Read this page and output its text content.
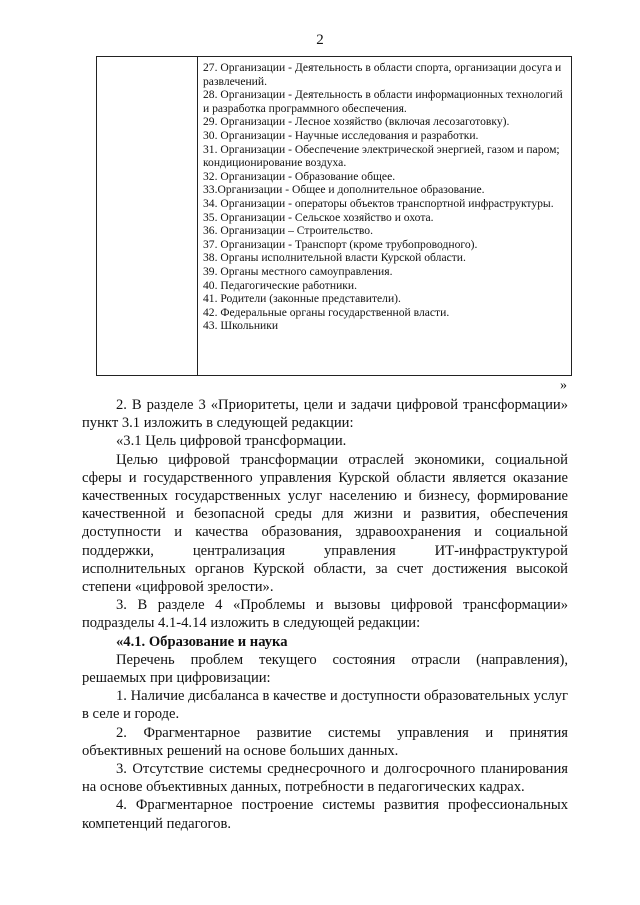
2
27. Организации - Деятельность в области спорта, организации досуга и развлечений.
28. Организации - Деятельность в области информационных технологий и разработка программного обеспечения.
29. Организации - Лесное хозяйство (включая лесозаготовку).
30. Организации - Научные исследования и разработки.
31. Организации - Обеспечение электрической энергией, газом и паром; кондиционирование воздуха.
32. Организации - Образование общее.
33.Организации - Общее и дополнительное образование.
34. Организации - операторы объектов транспортной инфраструктуры.
35. Организации - Сельское хозяйство и охота.
36. Организации – Строительство.
37. Организации - Транспорт (кроме трубопроводного).
38. Органы исполнительной власти Курской области.
39. Органы местного самоуправления.
40. Педагогические работники.
41. Родители (законные представители).
42. Федеральные органы государственной власти.
43. Школьники
»

2. В разделе 3 «Приоритеты, цели и задачи цифровой трансформации» пункт 3.1 изложить в следующей редакции:

«3.1 Цель цифровой трансформации.

Целью цифровой трансформации отраслей экономики, социальной сферы и государственного управления Курской области является оказание качественных государственных услуг населению и бизнесу, формирование качественной и безопасной среды для жизни и развития, обеспечения доступности и качества образования, здравоохранения и социальной поддержки, централизация управления ИТ-инфраструктурой исполнительных органов Курской области, за счет достижения высокой степени «цифровой зрелости».

3. В разделе 4 «Проблемы и вызовы цифровой трансформации» подразделы 4.1-4.14 изложить в следующей редакции:

«4.1. Образование и наука

Перечень проблем текущего состояния отрасли (направления), решаемых при цифровизации:

1. Наличие дисбаланса в качестве и доступности образовательных услуг в селе и городе.

2. Фрагментарное развитие системы управления и принятия объективных решений на основе больших данных.

3. Отсутствие системы среднесрочного и долгосрочного планирования на основе объективных данных, потребности в педагогических кадрах.

4. Фрагментарное построение системы развития профессиональных компетенций педагогов.
